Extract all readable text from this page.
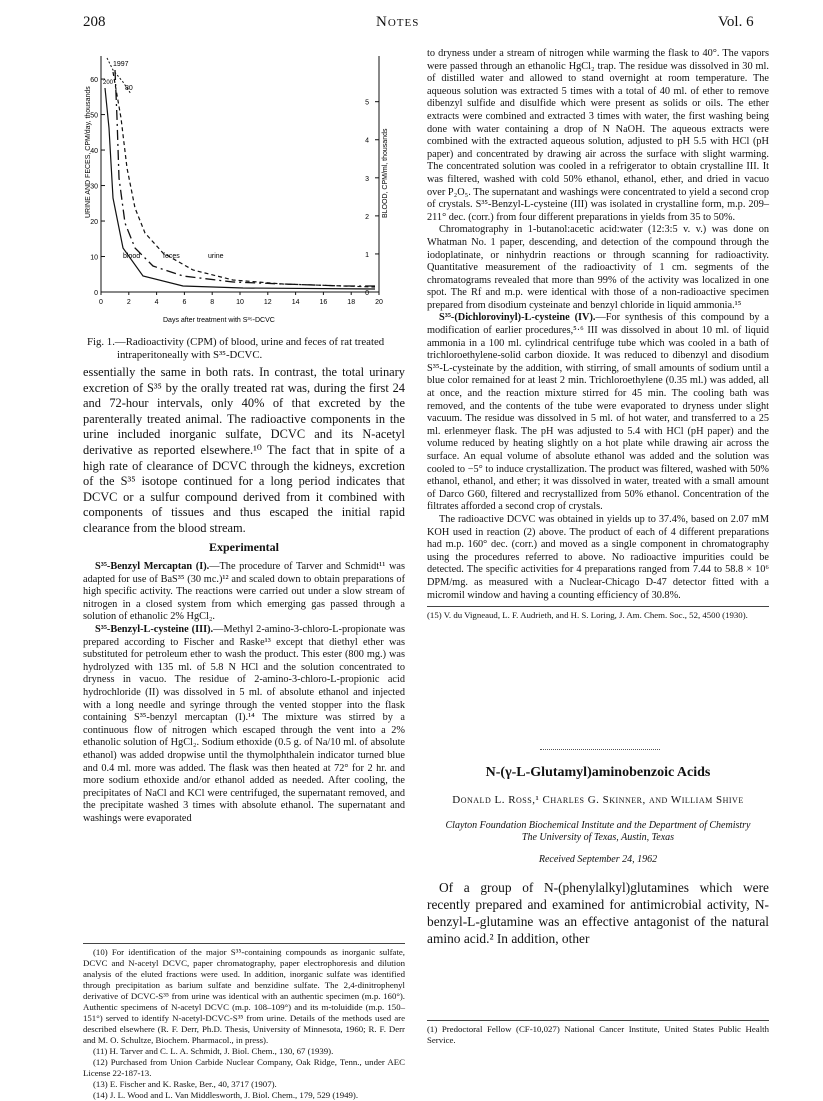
208	Notes	Vol. 6
0
10
20
30
40
50
60
0
1
2
3
4
5
0	2	4	6	8	10	12	14	16	18	20
URINE AND FECES, CPM/day, thousands	BLOOD, CPM/ml, thousands
Days after treatment with S³⁵-DCVC
1997
80
200
blood	feces	urine
Fig. 1.—Radioactivity (CPM) of blood, urine and feces of rat treated intraperitoneally with S³⁵-DCVC.

essentially the same in both rats. In contrast, the total urinary excretion of S³⁵ by the orally treated rat was, during the first 24 and 72-hour intervals, only 40% of that excreted by the parenterally treated animal. The radioactive components in the urine included inorganic sulfate, DCVC and its N-acetyl derivative as reported elsewhere.¹⁰ The fact that in spite of a high rate of clearance of DCVC through the kidneys, excretion of the S³⁵ isotope continued for a long period indicates that DCVC or a sulfur compound derived from it combined with components of tissues and thus escaped the initial rapid clearance from the blood stream.

Experimental

S³⁵-Benzyl Mercaptan (I).—The procedure of Tarver and Schmidt¹¹ was adapted for use of BaS³⁵ (30 mc.)¹² and scaled down to obtain preparations of high specific activity. The reactions were carried out under a slow stream of nitrogen in a closed system from which emerging gas passed through a solution of ethanolic 2% HgCl₂.

S³⁵-Benzyl-L-cysteine (III).—Methyl 2-amino-3-chloro-L-propionate was prepared according to Fischer and Raske¹³ except that diethyl ether was substituted for petroleum ether to wash the product. This ester (800 mg.) was hydrolyzed with 135 ml. of 5.8 N HCl and the solution concentrated to dryness in vacuo. The residue of 2-amino-3-chloro-L-propionic acid hydrochloride (II) was dissolved in 5 ml. of absolute ethanol and injected with a long needle and syringe through the vented stopper into the flask containing S³⁵-benzyl mercaptan (I).¹⁴ The mixture was stirred by a continuous flow of nitrogen which escaped through the vent into a 2% ethanolic solution of HgCl₂. Sodium ethoxide (0.5 g. of Na/10 ml. of absolute ethanol) was added dropwise until the thymolphthalein indicator turned blue and 0.4 ml. more was added. The flask was then heated at 72° for 2 hr. and more sodium ethoxide and/or ethanol added as needed. After cooling, the precipitates of NaCl and KCl were centrifuged, the supernatant removed, and the precipitate washed 3 times with absolute ethanol. The supernatant and washings were evaporated

(10) For identification of the major S³⁵-containing compounds as inorganic sulfate, DCVC and N-acetyl DCVC, paper chromatography, paper electrophoresis and dilution analysis of the eluted fractions were used. In addition, inorganic sulfate was identified through precipitation as barium sulfate and benzidine sulfate. The 2,4-dinitrophenyl derivative of DCVC-S³⁵ from urine was identical with an authentic specimen (m.p. 160°). Authentic specimens of N-acetyl DCVC (m.p. 108–109°) and its m-toluidide (m.p. 150–151°) served to identify N-acetyl-DCVC-S³⁵ from urine. Details of the methods used are described elsewhere (R. F. Derr, Ph.D. Thesis, University of Minnesota, 1960; R. F. Derr and M. O. Schultze, Biochem. Pharmacol., in press).

(11) H. Tarver and C. L. A. Schmidt, J. Biol. Chem., 130, 67 (1939).

(12) Purchased from Union Carbide Nuclear Company, Oak Ridge, Tenn., under AEC License 22-187-13.

(13) E. Fischer and K. Raske, Ber., 40, 3717 (1907).

(14) J. L. Wood and L. Van Middlesworth, J. Biol. Chem., 179, 529 (1949).

to dryness under a stream of nitrogen while warming the flask to 40°. The vapors were passed through an ethanolic HgCl₂ trap. The residue was dissolved in 30 ml. of distilled water and allowed to stand overnight at room temperature. The aqueous solution was extracted 5 times with a total of 40 ml. of ether to remove dibenzyl sulfide and disulfide which were present as solids or oils. The ether extracts were combined and extracted 3 times with water, the first washing being done with water containing a drop of N NaOH. The aqueous extracts were combined with the extracted aqueous solution, adjusted to pH 5.5 with HCl (pH paper) and concentrated by drawing air across the surface with slight warming. The concentrated solution was cooled in a refrigerator to obtain crystalline III. It was filtered, washed with cold 50% ethanol, ethanol, ether, and dried in vacuo over P₂O₅. The supernatant and washings were concentrated to yield a second crop of crystals. S³⁵-Benzyl-L-cysteine (III) was isolated in crystalline form, m.p. 209–211° dec. (corr.) from four different preparations in yields from 35 to 50%.

Chromatography in 1-butanol:acetic acid:water (12:3:5 v. v.) was done on Whatman No. 1 paper, descending, and detection of the compound through the iodoplatinate, or ninhydrin reactions or through scanning for radioactivity. Quantitative measurement of the radioactivity of 1 cm. segments of the chromatograms revealed that more than 99% of the activity was localized in one spot. The Rf and m.p. were identical with those of a non-radioactive specimen prepared from disodium cysteinate and benzyl chloride in liquid ammonia.¹⁵

S³⁵-(Dichlorovinyl)-L-cysteine (IV).—For synthesis of this compound by a modification of earlier procedures,⁵·⁶ III was dissolved in about 10 ml. of liquid ammonia in a 100 ml. cylindrical centrifuge tube which was cooled in a bath of trichloroethylene-solid carbon dioxide. It was reduced to dibenzyl and disodium S³⁵-L-cysteinate by the addition, with stirring, of small amounts of sodium until a blue color remained for at least 2 min. Trichloroethylene (0.35 ml.) was added, all at once, and the reaction mixture stirred for 45 min. The cooling bath was removed, and the contents of the tube were evaporated to dryness under slight vacuum. The residue was dissolved in 5 ml. of hot water, and transferred to a 25 ml. erlenmeyer flask. The pH was adjusted to 5.4 with HCl (pH paper) and the volume reduced by heating slightly on a hot plate while drawing air across the surface. An equal volume of absolute ethanol was added and the solution was cooled to −5° to induce crystallization. The product was filtered, washed with 50% ethanol, ethanol, and ether; it was dissolved in water, treated with a small amount of Darco G60, filtered and recrystallized from 50% ethanol. Concentration of the filtrates afforded a second crop of crystals.

The radioactive DCVC was obtained in yields up to 37.4%, based on 2.07 mM KOH used in reaction (2) above. The product of each of 4 different preparations had m.p. 160° dec. (corr.) and moved as a single component in chromatography using the procedures referred to above. No radioactive impurities could be detected. The specific activities for 4 preparations ranged from 7.44 to 58.8 × 10⁶ DPM/mg. as measured with a Nuclear-Chicago D-47 detector fitted with a micromil window and having a counting efficiency of 30.8%.

(15) V. du Vigneaud, L. F. Audrieth, and H. S. Loring, J. Am. Chem. Soc., 52, 4500 (1930).

N-(γ-L-Glutamyl)aminobenzoic Acids
Donald L. Ross,¹ Charles G. Skinner, and William Shive
Clayton Foundation Biochemical Institute and the Department of Chemistry The University of Texas, Austin, Texas
Received September 24, 1962

Of a group of N-(phenylalkyl)glutamines which were recently prepared and examined for antimicrobial activity, N-benzyl-L-glutamine was an effective antagonist of the natural amino acid.² In addition, other

(1) Predoctoral Fellow (CF-10,027) National Cancer Institute, United States Public Health Service.
